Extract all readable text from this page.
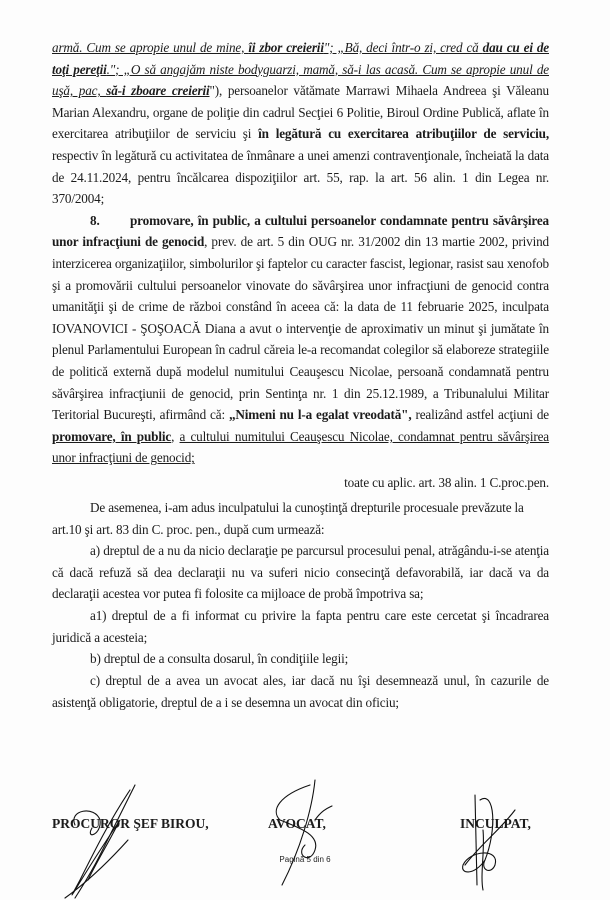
armă. Cum se apropie unul de mine, îi zbor creierii"; „Bă, deci într-o zi, cred că dau cu ei de
toţi pereţii."; „O să angajăm niste bodyguarzi, mamă, să-i las acasă. Cum se apropie unul de
uşă, pac, să-i zboare creierii"), persoanelor vătămate Marrawi Mihaela Andreea şi Văleanu
Marian Alexandru, organe de poliţie din cadrul Secţiei 6 Politie, Biroul Ordine Publică, aflate în
exercitarea atribuţiilor de serviciu şi în legătură cu exercitarea atribuţiilor de serviciu,
respectiv în legătură cu activitatea de înmânare a unei amenzi contravenţionale, încheiată la data
de 24.11.2024, pentru încălcarea dispoziţiilor art. 55, rap. la art. 56 alin. 1 din Legea nr.
370/2004;
8. promovare, în public, a cultului persoanelor condamnate pentru săvârşirea
unor infracţiuni de genocid, prev. de art. 5 din OUG nr. 31/2002 din 13 martie 2002, privind
interzicerea organizaţiilor, simbolurilor şi faptelor cu caracter fascist, legionar, rasist sau xenofob
şi a promovării cultului persoanelor vinovate do săvârşirea unor infracţiuni de genocid contra
umanităţii şi de crime de război constând în aceea că: la data de 11 februarie 2025, inculpata
IOVANOVICI - ŞOŞOACĂ Diana a avut o intervenţie de aproximativ un minut şi jumătate în
plenul Parlamentului European în cadrul căreia le-a recomandat colegilor să elaboreze strategiile
de politică externă după modelul numitului Ceauşescu Nicolae, persoană condamnată pentru
săvârşirea infracţiunii de genocid, prin Sentinţa nr. 1 din 25.12.1989, a Tribunalului Militar
Teritorial Bucureşti, afirmând că: „Nimeni nu l-a egalat vreodată", realizând astfel acţiuni de
promovare, în public, a cultului numitului Ceauşescu Nicolae, condamnat pentru săvârşirea
unor infracţiuni de genocid;
toate cu aplic. art. 38 alin. 1 C.proc.pen.
De asemenea, i-am adus inculpatului la cunoştinţă drepturile procesuale prevăzute la
art.10 şi art. 83 din C. proc. pen., după cum urmează:
a) dreptul de a nu da nicio declaraţie pe parcursul procesului penal, atrăgându-i-se atenţia
că dacă refuză să dea declaraţii nu va suferi nicio consecinţă defavorabilă, iar dacă va da
declaraţii acestea vor putea fi folosite ca mijloace de probă împotriva sa;
a1) dreptul de a fi informat cu privire la fapta pentru care este cercetat şi încadrarea
juridică a acesteia;
b) dreptul de a consulta dosarul, în condiţiile legii;
c) dreptul de a avea un avocat ales, iar dacă nu îşi desemnează unul, în cazurile de
asistenţă obligatorie, dreptul de a i se desemna un avocat din oficiu;
PROCUROR ŞEF BIROU,	AVOCAT,	INCULPAT,
Pagină 5 din 6
